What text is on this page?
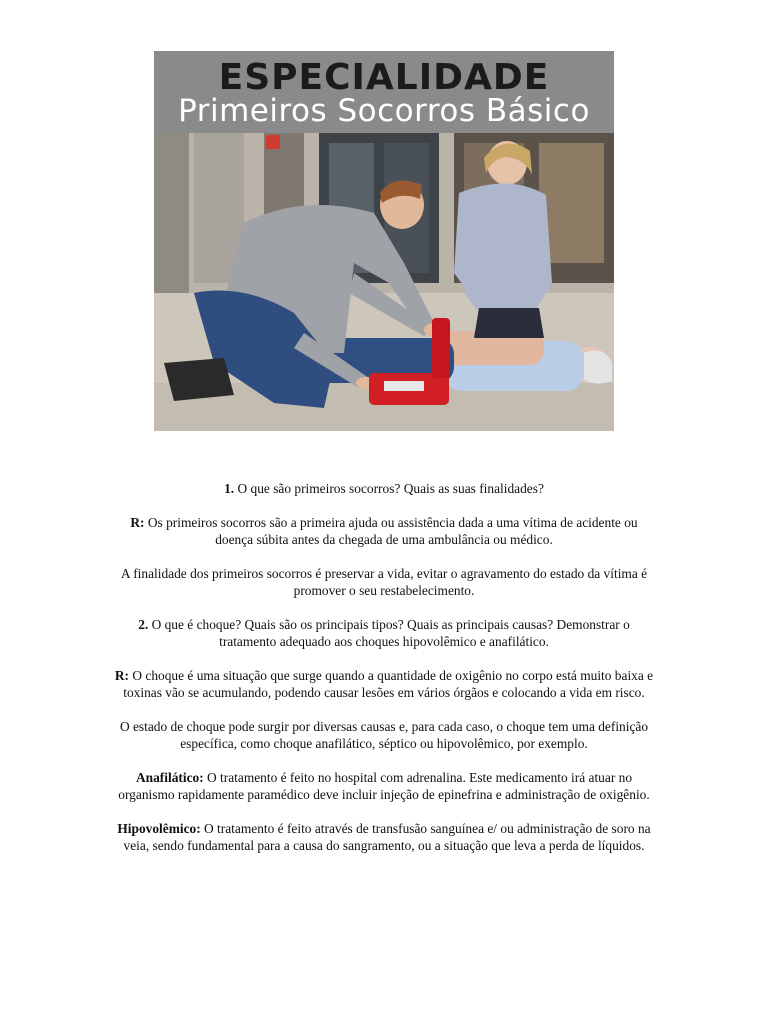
ESPECIALIDADE
Primeiros Socorros Básico

1. O que são primeiros socorros? Quais as suas finalidades?

R: Os primeiros socorros são a primeira ajuda ou assistência dada a uma vítima de acidente ou doença súbita antes da chegada de uma ambulância ou médico.

A finalidade dos primeiros socorros é preservar a vida, evitar o agravamento do estado da vítima é promover o seu restabelecimento.

2. O que é choque? Quais são os principais tipos? Quais as principais causas? Demonstrar o tratamento adequado aos choques hipovolêmico e anafilático.

R: O choque é uma situação que surge quando a quantidade de oxigênio no corpo está muito baixa e toxinas vão se acumulando, podendo causar lesões em vários órgãos e colocando a vida em risco.

O estado de choque pode surgir por diversas causas e, para cada caso, o choque tem uma definição específica, como choque anafilático, séptico ou hipovolêmico, por exemplo.

Anafilático: O tratamento é feito no hospital com adrenalina. Este medicamento irá atuar no organismo rapidamente paramédico deve incluir injeção de epinefrina e administração de oxigênio.

Hipovolêmico: O tratamento é feito através de transfusão sanguínea e/ ou administração de soro na veia, sendo fundamental para a causa do sangramento, ou a situação que leva a perda de líquidos.
